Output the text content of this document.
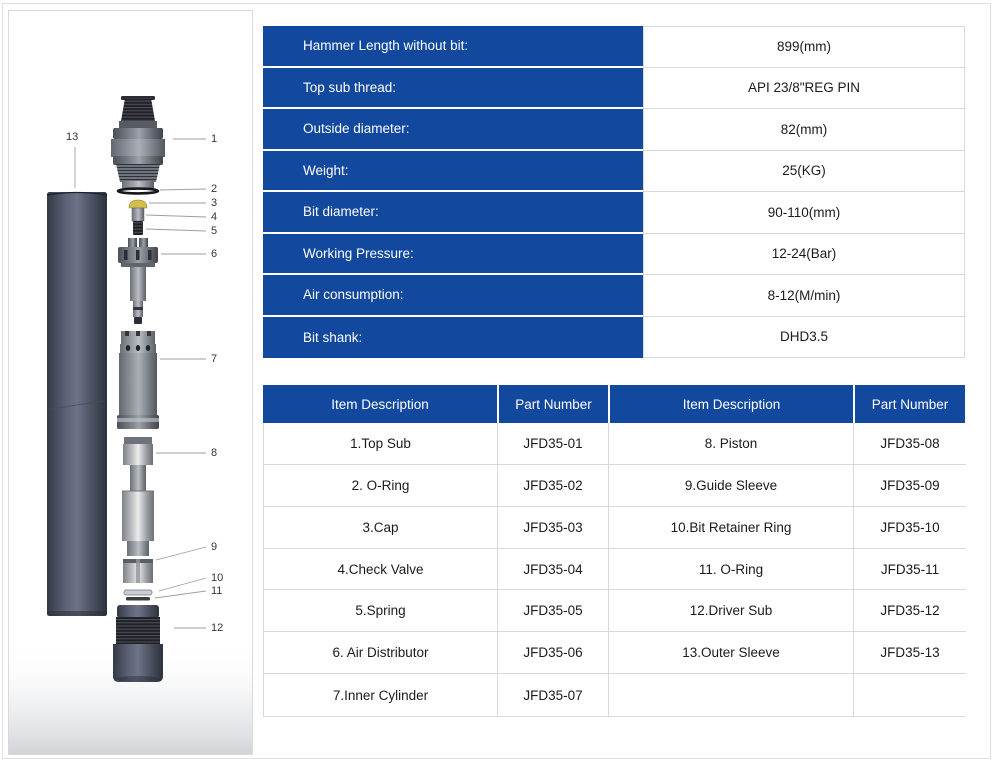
1
2
3
4
5
6
7
8
9
10
11
12
13
Hammer Length without bit:	899(mm)
Top sub thread:	API 23/8"REG PIN
Outside diameter:	82(mm)
Weight:	25(KG)
Bit diameter:	90-110(mm)
Working Pressure:	12-24(Bar)
Air consumption:	8-12(M/min)
Bit shank:	DHD3.5
Item Description	Part Number	Item Description	Part Number
1.Top Sub	JFD35-01	8. Piston	JFD35-08
2. O-Ring	JFD35-02	9.Guide Sleeve	JFD35-09
3.Cap	JFD35-03	10.Bit Retainer Ring	JFD35-10
4.Check Valve	JFD35-04	11. O-Ring	JFD35-11
5.Spring	JFD35-05	12.Driver Sub	JFD35-12
6. Air Distributor	JFD35-06	13.Outer Sleeve	JFD35-13
7.Inner Cylinder	JFD35-07
